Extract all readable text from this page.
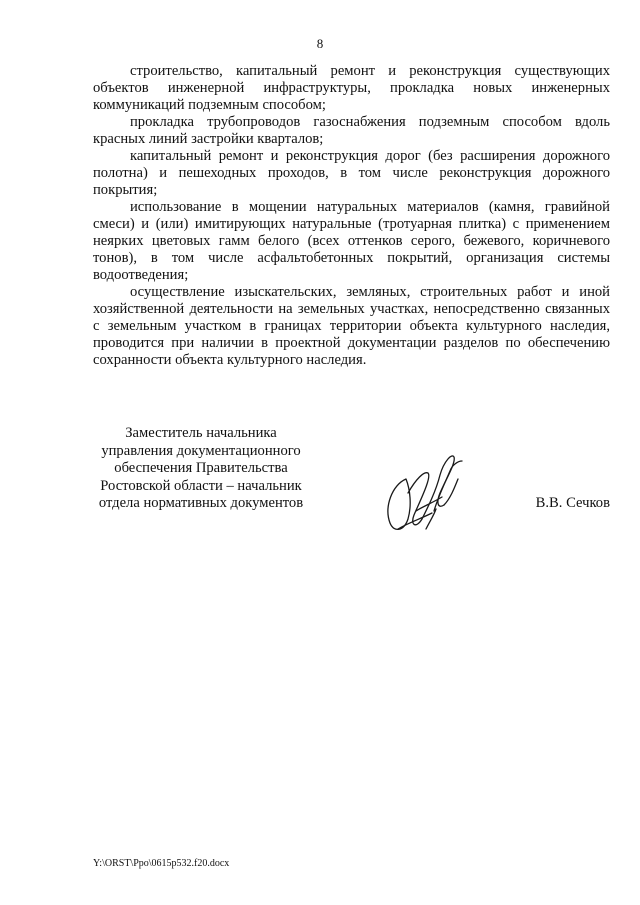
8

строительство, капитальный ремонт и реконструкция существующих объектов инженерной инфраструктуры, прокладка новых инженерных коммуникаций подземным способом;

прокладка трубопроводов газоснабжения подземным способом вдоль красных линий застройки кварталов;

капитальный ремонт и реконструкция дорог (без расширения дорожного полотна) и пешеходных проходов, в том числе реконструкция дорожного покрытия;

использование в мощении натуральных материалов (камня, гравийной смеси) и (или) имитирующих натуральные (тротуарная плитка) с применением неярких цветовых гамм белого (всех оттенков серого, бежевого, коричневого тонов), в том числе асфальтобетонных покрытий, организация системы водоотведения;

осуществление изыскательских, земляных, строительных работ и иной хозяйственной деятельности на земельных участках, непосредственно связанных с земельным участком в границах территории объекта культурного наследия, проводится при наличии в проектной документации разделов по обеспечению сохранности объекта культурного наследия.

Заместитель начальника
управления документационного
обеспечения Правительства
Ростовской области – начальник
отдела нормативных документов	В.В. Сечков
Y:\ORST\Ppo\0615p532.f20.docx
